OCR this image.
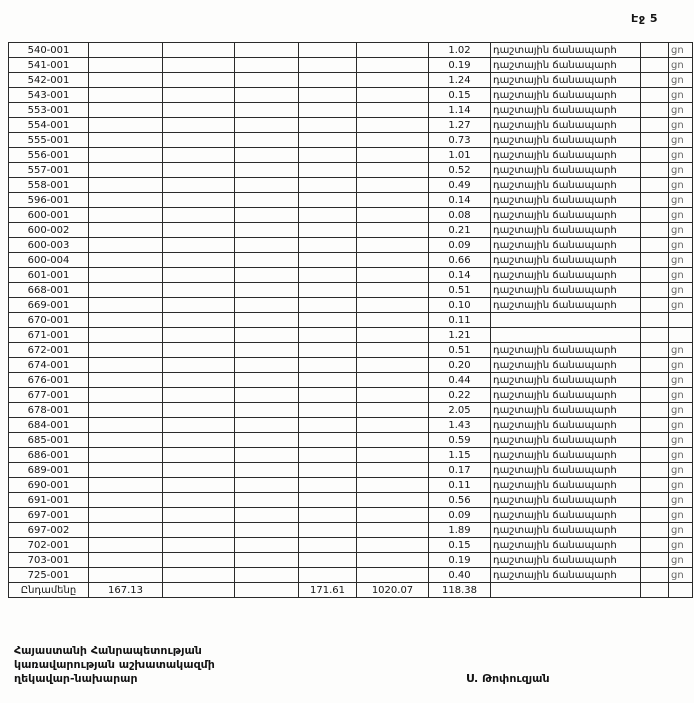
Էջ 5
540-001						1.02	դաշտային ճանապարհ		ցո
541-001						0.19	դաշտային ճանապարհ		ցո
542-001						1.24	դաշտային ճանապարհ		ցո
543-001						0.15	դաշտային ճանապարհ		ցո
553-001						1.14	դաշտային ճանապարհ		ցո
554-001						1.27	դաշտային ճանապարհ		ցո
555-001						0.73	դաշտային ճանապարհ		ցո
556-001						1.01	դաշտային ճանապարհ		ցո
557-001						0.52	դաշտային ճանապարհ		ցո
558-001						0.49	դաշտային ճանապարհ		ցո
596-001						0.14	դաշտային ճանապարհ		ցո
600-001						0.08	դաշտային ճանապարհ		ցո
600-002						0.21	դաշտային ճանապարհ		ցո
600-003						0.09	դաշտային ճանապարհ		ցո
600-004						0.66	դաշտային ճանապարհ		ցո
601-001						0.14	դաշտային ճանապարհ		ցո
668-001						0.51	դաշտային ճանապարհ		ցո
669-001						0.10	դաշտային ճանապարհ		ցո
670-001						0.11			
671-001						1.21			
672-001						0.51	դաշտային ճանապարհ		ցո
674-001						0.20	դաշտային ճանապարհ		ցո
676-001						0.44	դաշտային ճանապարհ		ցո
677-001						0.22	դաշտային ճանապարհ		ցո
678-001						2.05	դաշտային ճանապարհ		ցո
684-001						1.43	դաշտային ճանապարհ		ցո
685-001						0.59	դաշտային ճանապարհ		ցո
686-001						1.15	դաշտային ճանապարհ		ցո
689-001						0.17	դաշտային ճանապարհ		ցո
690-001						0.11	դաշտային ճանապարհ		ցո
691-001						0.56	դաշտային ճանապարհ		ցո
697-001						0.09	դաշտային ճանապարհ		ցո
697-002						1.89	դաշտային ճանապարհ		ցո
702-001						0.15	դաշտային ճանապարհ		ցո
703-001						0.19	դաշտային ճանապարհ		ցո
725-001						0.40	դաշտային ճանապարհ		ցո
Ընդամենը	167.13			171.61	1020.07	118.38			
Հայաստանի Հանրապետության
կառավարության աշխատակազմի
ղեկավար-նախարար	Ս. Թոփուզյան
